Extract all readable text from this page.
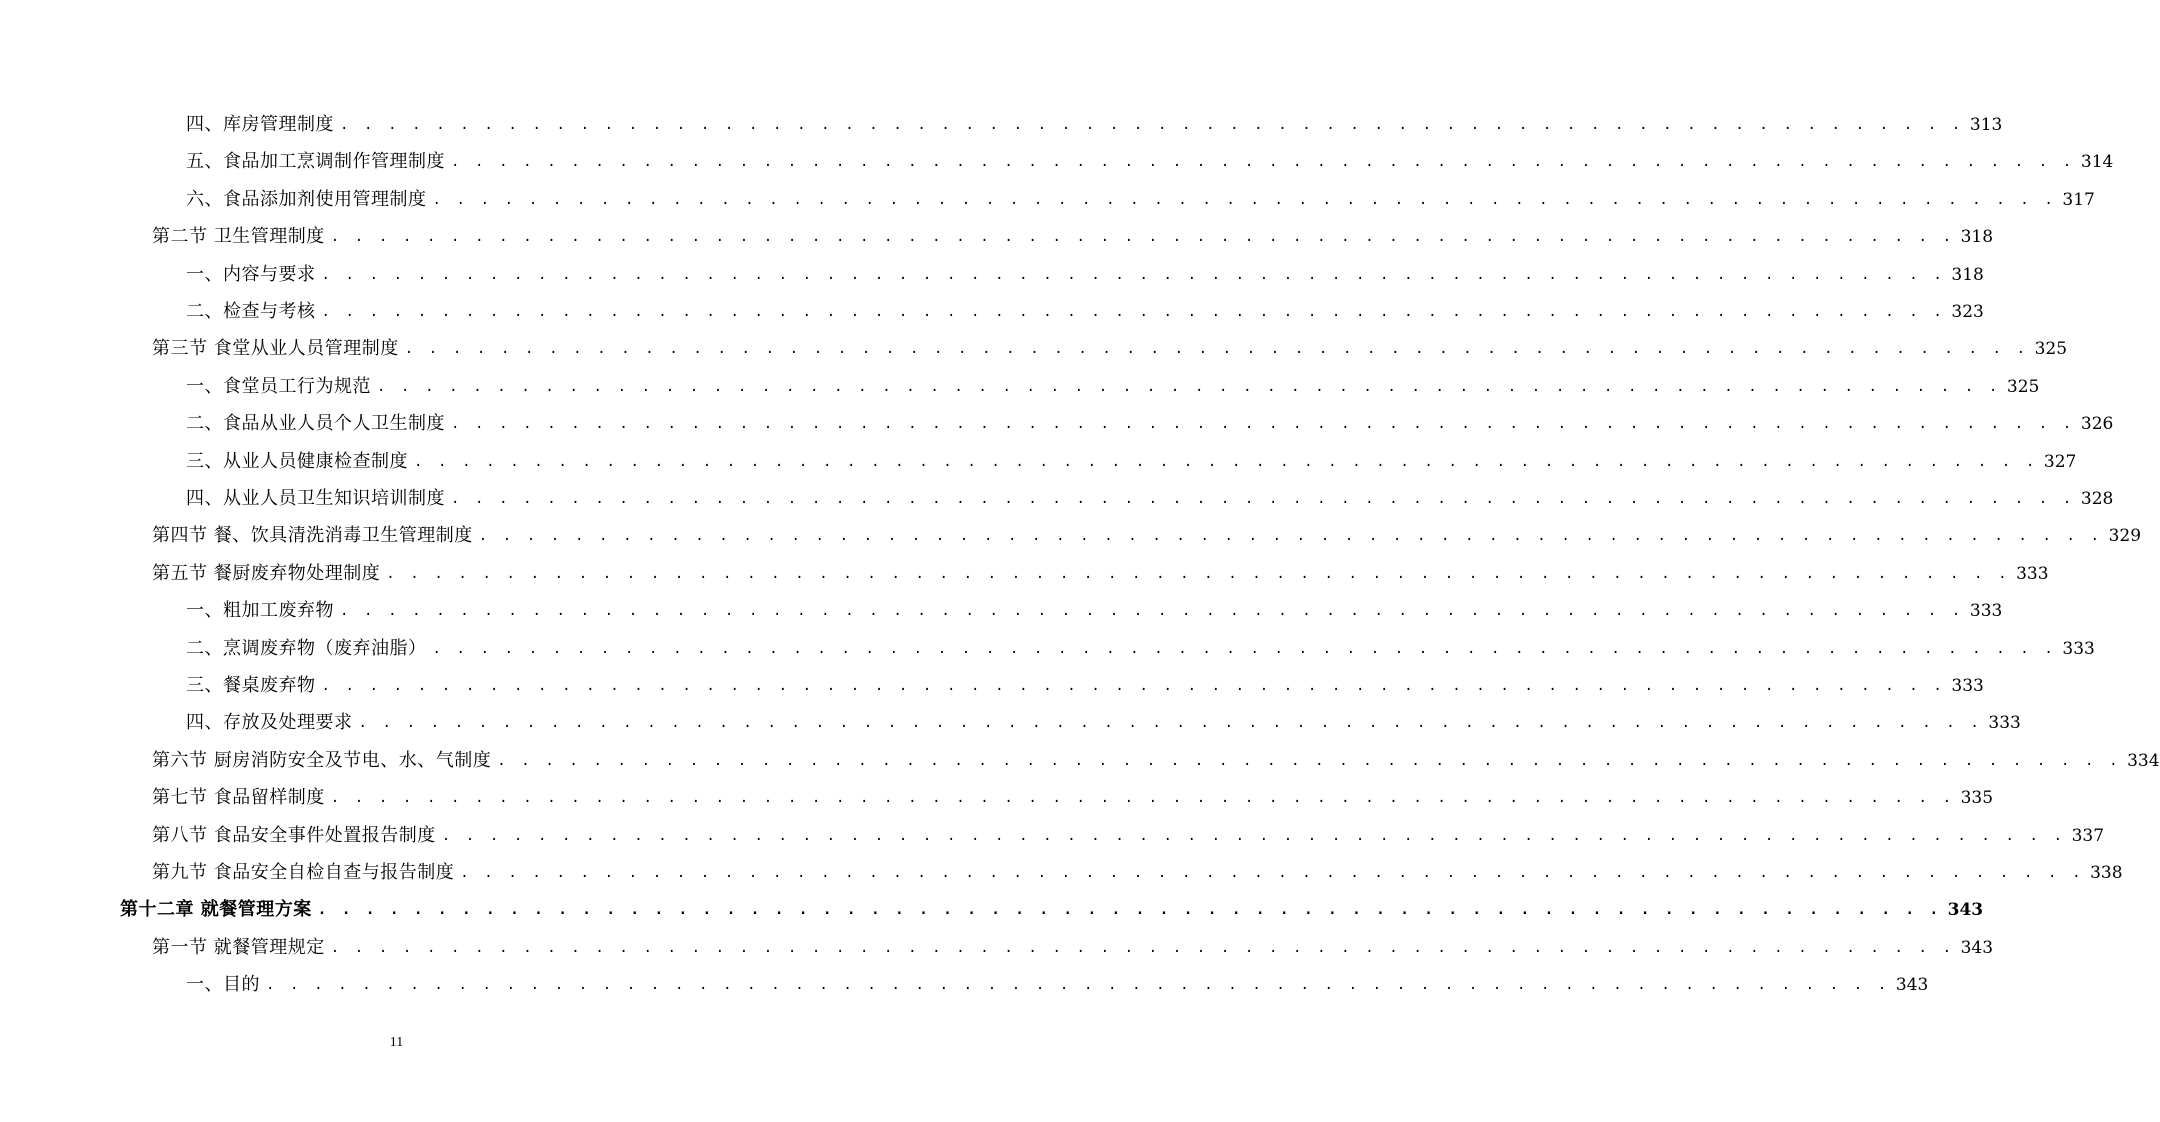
四、库房管理制度 . . . . . . . . . . . . . . . . . . . . . . . . . . . . . . . . . . . . . . . . . . . . . . . . . . . . . . . . . . . . . . . . . . . . 313
五、食品加工烹调制作管理制度 . . . . . . . . . . . . . . . . . . . . . . . . . . . . . . . . . . . . . . . . . . . . . . . . . . . . . . . . . . . . . . . . . . . . 314
六、食品添加剂使用管理制度 . . . . . . . . . . . . . . . . . . . . . . . . . . . . . . . . . . . . . . . . . . . . . . . . . . . . . . . . . . . . . . . . . . . . 317
第二节 卫生管理制度 . . . . . . . . . . . . . . . . . . . . . . . . . . . . . . . . . . . . . . . . . . . . . . . . . . . . . . . . . . . . . . . . . . . . 318
一、内容与要求 . . . . . . . . . . . . . . . . . . . . . . . . . . . . . . . . . . . . . . . . . . . . . . . . . . . . . . . . . . . . . . . . . . . . 318
二、检查与考核 . . . . . . . . . . . . . . . . . . . . . . . . . . . . . . . . . . . . . . . . . . . . . . . . . . . . . . . . . . . . . . . . . . . . 323
第三节 食堂从业人员管理制度 . . . . . . . . . . . . . . . . . . . . . . . . . . . . . . . . . . . . . . . . . . . . . . . . . . . . . . . . . . . . . . . . . . . . 325
一、食堂员工行为规范 . . . . . . . . . . . . . . . . . . . . . . . . . . . . . . . . . . . . . . . . . . . . . . . . . . . . . . . . . . . . . . . . . . . . 325
二、食品从业人员个人卫生制度 . . . . . . . . . . . . . . . . . . . . . . . . . . . . . . . . . . . . . . . . . . . . . . . . . . . . . . . . . . . . . . . . . . . . 326
三、从业人员健康检查制度 . . . . . . . . . . . . . . . . . . . . . . . . . . . . . . . . . . . . . . . . . . . . . . . . . . . . . . . . . . . . . . . . . . . . 327
四、从业人员卫生知识培训制度 . . . . . . . . . . . . . . . . . . . . . . . . . . . . . . . . . . . . . . . . . . . . . . . . . . . . . . . . . . . . . . . . . . . . 328
第四节 餐、饮具清洗消毒卫生管理制度 . . . . . . . . . . . . . . . . . . . . . . . . . . . . . . . . . . . . . . . . . . . . . . . . . . . . . . . . . . . . . . . . . . . . 329
第五节 餐厨废弃物处理制度 . . . . . . . . . . . . . . . . . . . . . . . . . . . . . . . . . . . . . . . . . . . . . . . . . . . . . . . . . . . . . . . . . . . . 333
一、粗加工废弃物 . . . . . . . . . . . . . . . . . . . . . . . . . . . . . . . . . . . . . . . . . . . . . . . . . . . . . . . . . . . . . . . . . . . . 333
二、烹调废弃物（废弃油脂） . . . . . . . . . . . . . . . . . . . . . . . . . . . . . . . . . . . . . . . . . . . . . . . . . . . . . . . . . . . . . . . . . . . . 333
三、餐桌废弃物 . . . . . . . . . . . . . . . . . . . . . . . . . . . . . . . . . . . . . . . . . . . . . . . . . . . . . . . . . . . . . . . . . . . . 333
四、存放及处理要求 . . . . . . . . . . . . . . . . . . . . . . . . . . . . . . . . . . . . . . . . . . . . . . . . . . . . . . . . . . . . . . . . . . . . 333
第六节 厨房消防安全及节电、水、气制度 . . . . . . . . . . . . . . . . . . . . . . . . . . . . . . . . . . . . . . . . . . . . . . . . . . . . . . . . . . . . . . . . . . . . 334
第七节 食品留样制度 . . . . . . . . . . . . . . . . . . . . . . . . . . . . . . . . . . . . . . . . . . . . . . . . . . . . . . . . . . . . . . . . . . . . 335
第八节 食品安全事件处置报告制度 . . . . . . . . . . . . . . . . . . . . . . . . . . . . . . . . . . . . . . . . . . . . . . . . . . . . . . . . . . . . . . . . . . . . 337
第九节 食品安全自检自查与报告制度 . . . . . . . . . . . . . . . . . . . . . . . . . . . . . . . . . . . . . . . . . . . . . . . . . . . . . . . . . . . . . . . . . . . . 338
第十二章 就餐管理方案 . . . . . . . . . . . . . . . . . . . . . . . . . . . . . . . . . . . . . . . . . . . . . . . . . . . . . . . . . . . . . . . . . . . . 343
第一节 就餐管理规定 . . . . . . . . . . . . . . . . . . . . . . . . . . . . . . . . . . . . . . . . . . . . . . . . . . . . . . . . . . . . . . . . . . . . 343
一、目的 . . . . . . . . . . . . . . . . . . . . . . . . . . . . . . . . . . . . . . . . . . . . . . . . . . . . . . . . . . . . . . . . . . . . 343
11
